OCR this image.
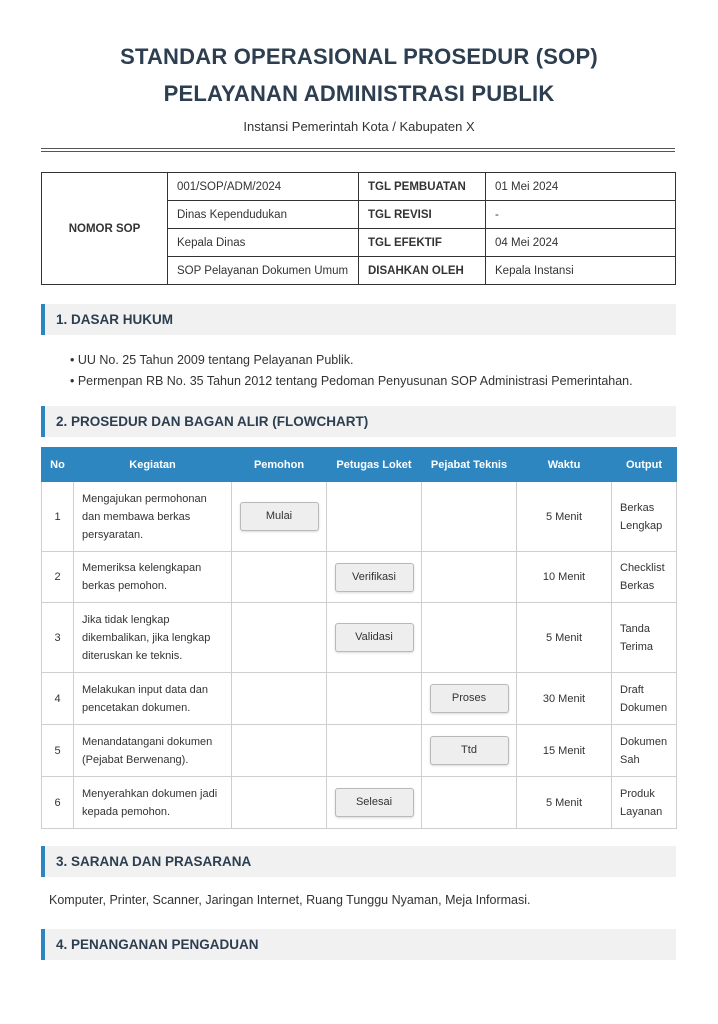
STANDAR OPERASIONAL PROSEDUR (SOP)
PELAYANAN ADMINISTRASI PUBLIK
Instansi Pemerintah Kota / Kabupaten X
NOMOR SOP	001/SOP/ADM/2024	TGL PEMBUATAN	01 Mei 2024
	Dinas Kependudukan	TGL REVISI	-
	Kepala Dinas	TGL EFEKTIF	04 Mei 2024
	SOP Pelayanan Dokumen Umum	DISAHKAN OLEH	Kepala Instansi
1. DASAR HUKUM
• UU No. 25 Tahun 2009 tentang Pelayanan Publik.
• Permenpan RB No. 35 Tahun 2012 tentang Pedoman Penyusunan SOP Administrasi Pemerintahan.
2. PROSEDUR DAN BAGAN ALIR (FLOWCHART)
No	Kegiatan	Pemohon	Petugas Loket	Pejabat Teknis	Waktu	Output
1	Mengajukan permohonan dan membawa berkas persyaratan.	Mulai			5 Menit	Berkas Lengkap
2	Memeriksa kelengkapan berkas pemohon.		Verifikasi		10 Menit	Checklist Berkas
3	Jika tidak lengkap dikembalikan, jika lengkap diteruskan ke teknis.		Validasi		5 Menit	Tanda Terima
4	Melakukan input data dan pencetakan dokumen.			Proses	30 Menit	Draft Dokumen
5	Menandatangani dokumen (Pejabat Berwenang).			Ttd	15 Menit	Dokumen Sah
6	Menyerahkan dokumen jadi kepada pemohon.		Selesai		5 Menit	Produk Layanan
3. SARANA DAN PRASARANA
Komputer, Printer, Scanner, Jaringan Internet, Ruang Tunggu Nyaman, Meja Informasi.
4. PENANGANAN PENGADUAN
